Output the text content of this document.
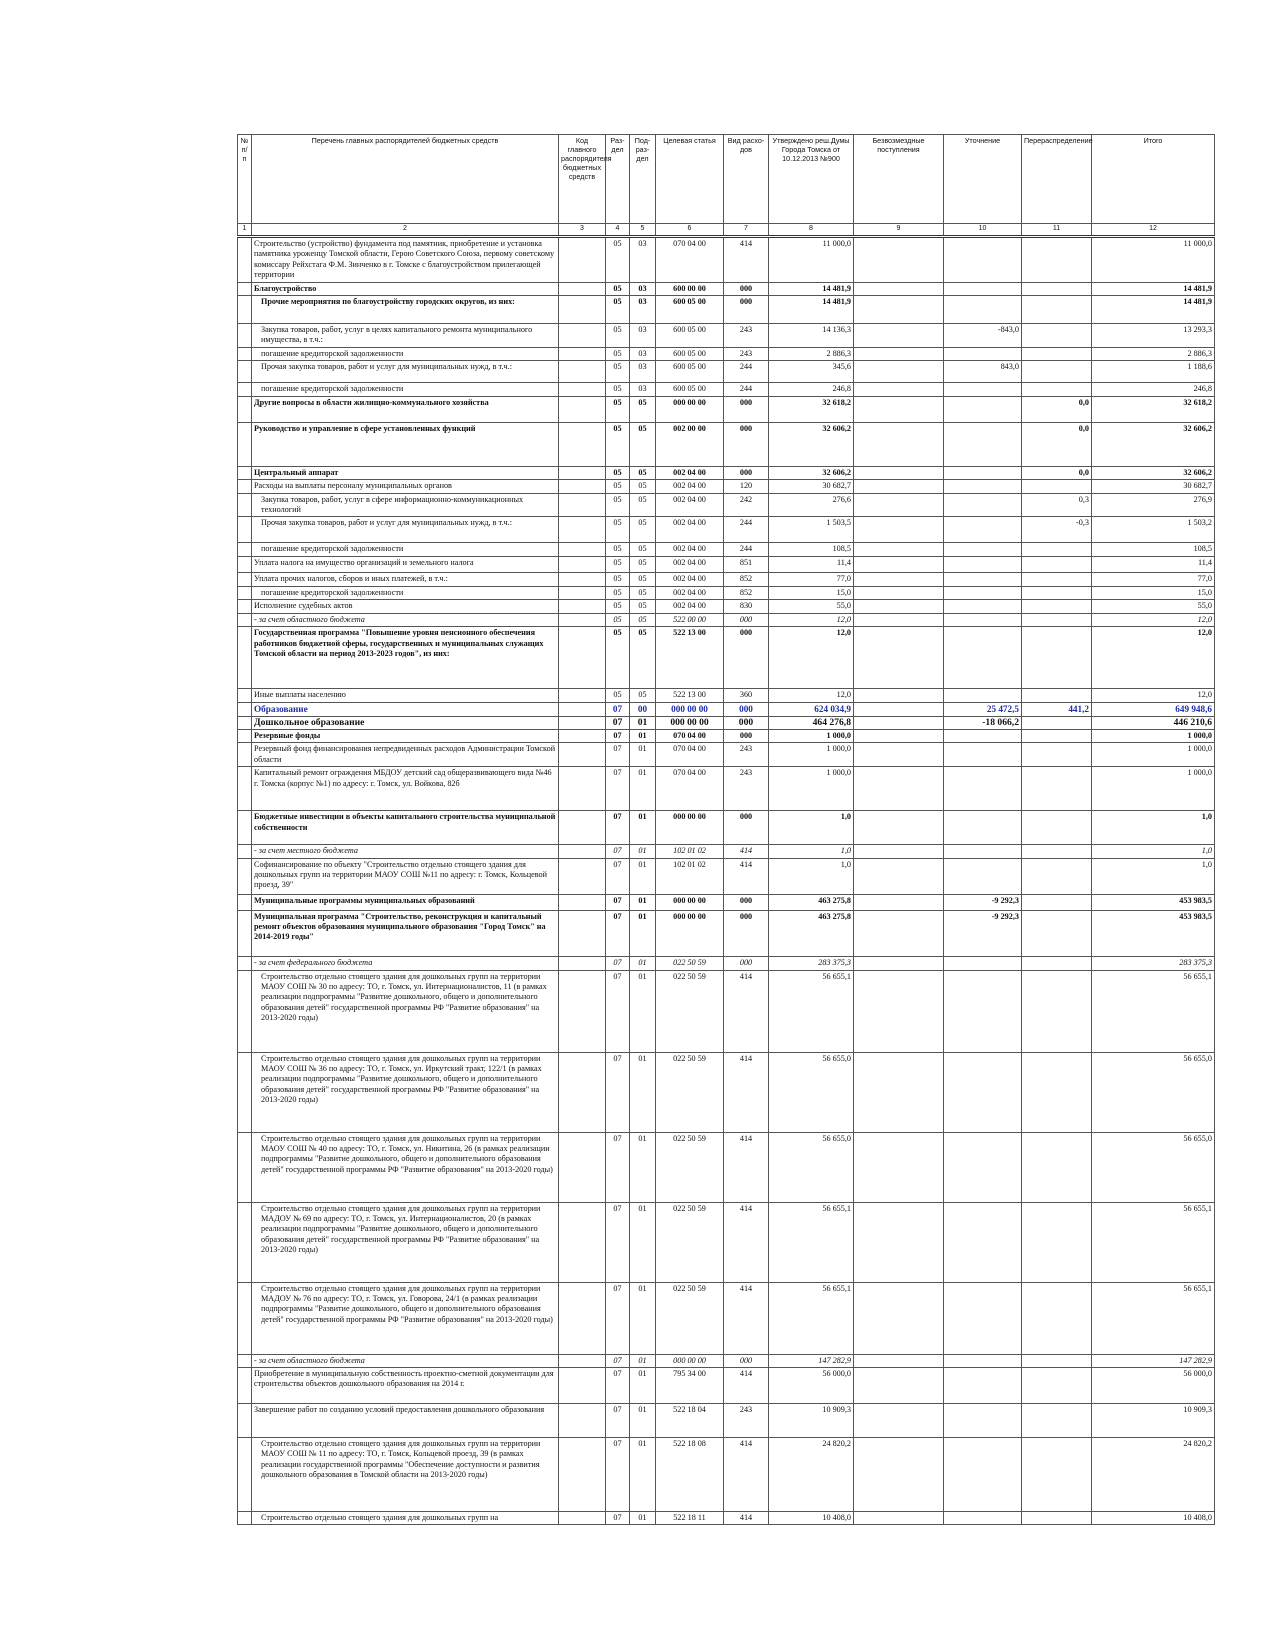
№ п/п	Перечень главных распорядителей бюджетных средств	Код главного распорядителя бюджетных средств	Раз-дел	Под-раз-дел	Целевая статья	Вид расхо-дов	Утверждено реш.Думы Города Томска от 10.12.2013 №900	Безвозмездные поступления	Уточнение	Перераспределение	Итого
1	2	3	4	5	6	7	8	9	10	11	12
	Строительство (устройство) фундамента под памятник, приобретение и установка памятника уроженцу Томской области, Герою Советского Союза, первому советскому комиссару Рейхстага Ф.М. Зинченко в г. Томске с благоустройством прилегающей территории		05	03	070 04 00	414	11 000,0				11 000,0
	Благоустройство		05	03	600 00 00	000	14 481,9				14 481,9
	Прочие мероприятия по благоустройству городских округов, из них:		05	03	600 05 00	000	14 481,9				14 481,9
	Закупка товаров, работ, услуг в целях капитального ремонта муниципального имущества, в т.ч.:		05	03	600 05 00	243	14 136,3		-843,0		13 293,3
	погашение кредиторской задолженности		05	03	600 05 00	243	2 886,3				2 886,3
	Прочая закупка товаров, работ и услуг для муниципальных нужд, в т.ч.:		05	03	600 05 00	244	345,6		843,0		1 188,6
	погашение кредиторской задолженности		05	03	600 05 00	244	246,8				246,8
	Другие вопросы в области жилищно-коммунального хозяйства		05	05	000 00 00	000	32 618,2			0,0	32 618,2
	Руководство и управление в сфере установленных функций		05	05	002 00 00	000	32 606,2			0,0	32 606,2
	Центральный аппарат		05	05	002 04 00	000	32 606,2			0,0	32 606,2
	Расходы на выплаты персоналу муниципальных органов		05	05	002 04 00	120	30 682,7				30 682,7
	Закупка товаров, работ, услуг в сфере информационно-коммуникационных технологий		05	05	002 04 00	242	276,6			0,3	276,9
	Прочая закупка товаров, работ и услуг для муниципальных нужд, в т.ч.:		05	05	002 04 00	244	1 503,5			-0,3	1 503,2
	погашение кредиторской задолженности		05	05	002 04 00	244	108,5				108,5
	Уплата налога на имущество организаций и земельного налога		05	05	002 04 00	851	11,4				11,4
	Уплата прочих налогов, сборов и иных платежей, в т.ч.:		05	05	002 04 00	852	77,0				77,0
	погашение кредиторской задолженности		05	05	002 04 00	852	15,0				15,0
	Исполнение судебных актов		05	05	002 04 00	830	55,0				55,0
	- за счет областного бюджета		05	05	522 00 00	000	12,0				12,0
	Государственная программа "Повышение уровня пенсионного обеспечения работников бюджетной сферы, государственных и муниципальных служащих Томской области на период 2013-2023 годов", из них:		05	05	522 13 00	000	12,0				12,0
	Иные выплаты населению		05	05	522 13 00	360	12,0				12,0
	Образование		07	00	000 00 00	000	624 034,9		25 472,5	441,2	649 948,6
	Дошкольное образование		07	01	000 00 00	000	464 276,8		-18 066,2		446 210,6
	Резервные фонды		07	01	070 04 00	000	1 000,0				1 000,0
	Резервный фонд финансирования непредвиденных расходов Администрации Томской области		07	01	070 04 00	243	1 000,0				1 000,0
	Капитальный ремонт ограждения МБДОУ детский сад общеразвивающего вида №46 г. Томска (корпус №1) по адресу: г. Томск, ул. Войкова, 82б		07	01	070 04 00	243	1 000,0				1 000,0
	Бюджетные инвестиции в объекты капитального строительства муниципальной собственности		07	01	000 00 00	000	1,0				1,0
	- за счет местного бюджета		07	01	102 01 02	414	1,0				1,0
	Софинансирование по объекту "Строительство отдельно стоящего здания для дошкольных групп на территории МАОУ СОШ №11 по адресу: г. Томск, Кольцевой проезд, 39"		07	01	102 01 02	414	1,0				1,0
	Муниципальные программы муниципальных образований		07	01	000 00 00	000	463 275,8		-9 292,3		453 983,5
	Муниципальная программа "Строительство, реконструкция и капитальный ремонт объектов образования муниципального образования "Город Томск" на 2014-2019 годы"		07	01	000 00 00	000	463 275,8		-9 292,3		453 983,5
	- за счет федерального бюджета		07	01	022 50 59	000	283 375,3				283 375,3
	Строительство отдельно стоящего здания для дошкольных групп на территории МАОУ СОШ № 30 по адресу: ТО, г. Томск, ул. Интернационалистов, 11 (в рамках реализации подпрограммы "Развитие дошкольного, общего и дополнительного образования детей" государственной программы РФ "Развитие образования" на 2013-2020 годы)		07	01	022 50 59	414	56 655,1				56 655,1
	Строительство отдельно стоящего здания для дошкольных групп на территории МАОУ СОШ № 36 по адресу: ТО, г. Томск, ул. Иркутский тракт, 122/1 (в рамках реализации подпрограммы "Развитие дошкольного, общего и дополнительного образования детей" государственной программы РФ "Развитие образования" на 2013-2020 годы)		07	01	022 50 59	414	56 655,0				56 655,0
	Строительство отдельно стоящего здания для дошкольных групп на территории МАОУ СОШ № 40 по адресу: ТО, г. Томск, ул. Никитина, 26 (в рамках реализации подпрограммы "Развитие дошкольного, общего и дополнительного образования детей" государственной программы РФ "Развитие образования" на 2013-2020 годы)		07	01	022 50 59	414	56 655,0				56 655,0
	Строительство отдельно стоящего здания для дошкольных групп на территории МАДОУ № 69 по адресу: ТО, г. Томск, ул. Интернационалистов, 20 (в рамках реализации подпрограммы "Развитие дошкольного, общего и дополнительного образования детей" государственной программы РФ "Развитие образования" на 2013-2020 годы)		07	01	022 50 59	414	56 655,1				56 655,1
	Строительство отдельно стоящего здания для дошкольных групп на территории МАДОУ № 76 по адресу: ТО, г. Томск, ул. Говорова, 24/1 (в рамках реализации подпрограммы "Развитие дошкольного, общего и дополнительного образования детей" государственной программы РФ "Развитие образования" на 2013-2020 годы)		07	01	022 50 59	414	56 655,1				56 655,1
	- за счет областного бюджета		07	01	000 00 00	000	147 282,9				147 282,9
	Приобретение в муниципальную собственность проектно-сметной документации для строительства объектов дошкольного образования на 2014 г.		07	01	795 34 00	414	56 000,0				56 000,0
	Завершение работ по созданию условий предоставления дошкольного образования		07	01	522 18 04	243	10 909,3				10 909,3
	Строительство отдельно стоящего здания для дошкольных групп на территории МАОУ СОШ № 11 по адресу: ТО, г. Томск, Кольцевой проезд, 39 (в рамках реализации государственной программы "Обеспечение доступности и развития дошкольного образования в Томской области на 2013-2020 годы)		07	01	522 18 08	414	24 820,2				24 820,2
	Строительство отдельно стоящего здания для дошкольных групп на		07	01	522 18 11	414	10 408,0				10 408,0
